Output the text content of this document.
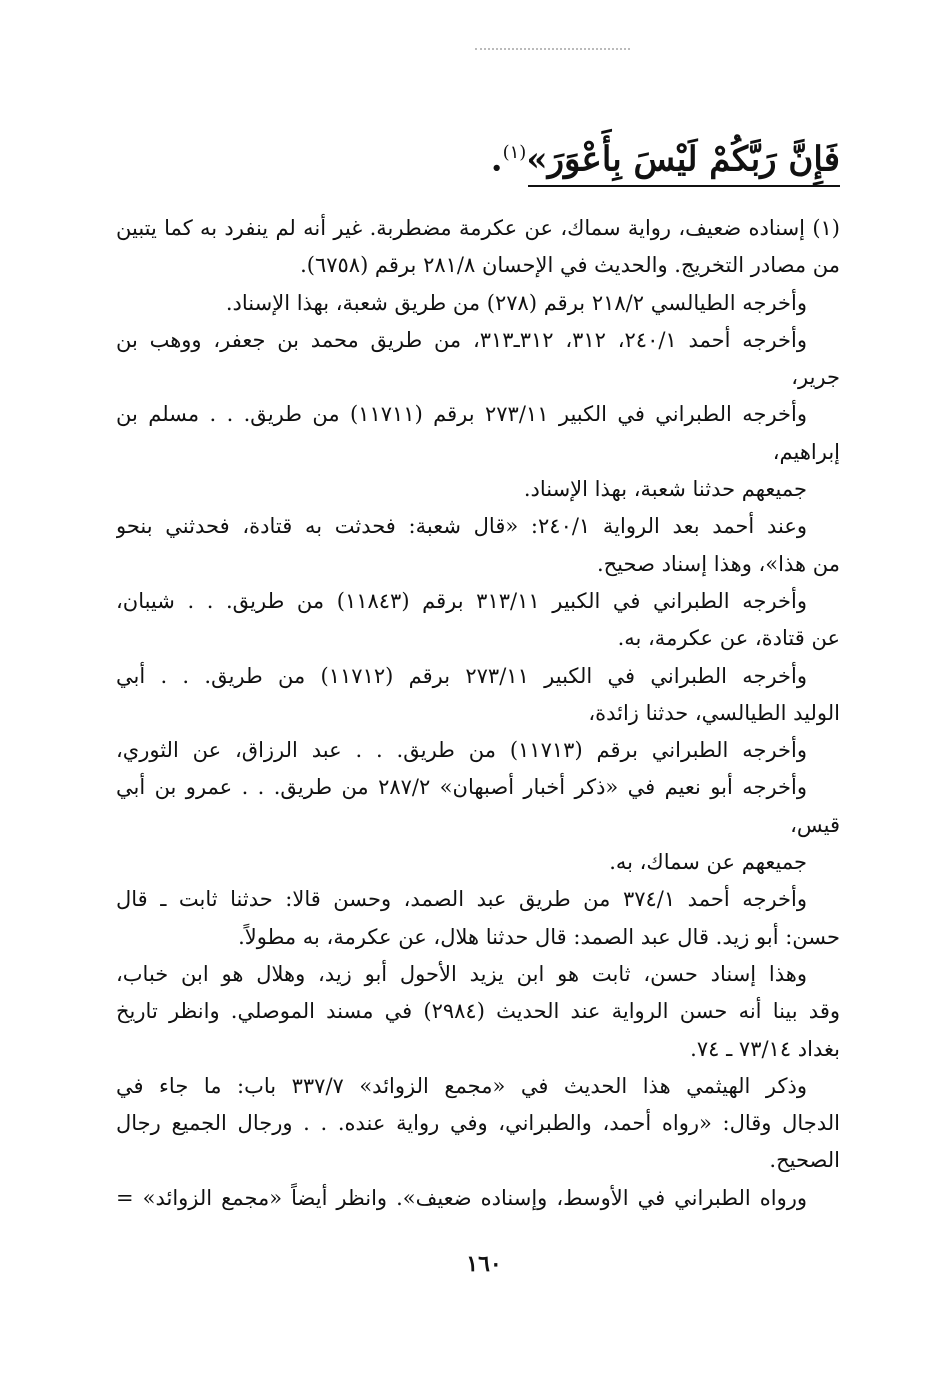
فَإِنَّ رَبَّكُمْ لَيْسَ بِأَعْوَرَ»$^{(١)}$.
(١) إسناده ضعيف، رواية سماك، عن عكرمة مضطربة. غير أنه لم ينفرد به كما يتبين
من مصادر التخريج. والحديث في الإحسان ٢٨١/٨ برقم (٦٧٥٨).
وأخرجه الطيالسي ٢١٨/٢ برقم (٢٧٨) من طريق شعبة، بهذا الإسناد.
وأخرجه أحمد ٢٤٠/١، ٣١٢، ٣١٢ـ٣١٣، من طريق محمد بن جعفر، ووهب بن
جرير،
وأخرجه الطبراني في الكبير ٢٧٣/١١ برقم (١١٧١١) من طريق. . . مسلم بن
إبراهيم،
جميعهم حدثنا شعبة، بهذا الإسناد.
وعند أحمد بعد الرواية ٢٤٠/١: «قال شعبة: فحدثت به قتادة، فحدثني بنحو
من هذا»، وهذا إسناد صحيح.
وأخرجه الطبراني في الكبير ٣١٣/١١ برقم (١١٨٤٣) من طريق. . . شيبان،
عن قتادة، عن عكرمة، به.
وأخرجه الطبراني في الكبير ٢٧٣/١١ برقم (١١٧١٢) من طريق. . . أبي
الوليد الطيالسي، حدثنا زائدة،
وأخرجه الطبراني برقم (١١٧١٣) من طريق. . . عبد الرزاق، عن الثوري،
وأخرجه أبو نعيم في «ذكر أخبار أصبهان» ٢٨٧/٢ من طريق. . . عمرو بن أبي
قيس،
جميعهم عن سماك، به.
وأخرجه أحمد ٣٧٤/١ من طريق عبد الصمد، وحسن قالا: حدثنا ثابت ـ قال
حسن: أبو زيد. قال عبد الصمد: قال حدثنا هلال، عن عكرمة، به مطولاً.
وهذا إسناد حسن، ثابت هو ابن يزيد الأحول أبو زيد، وهلال هو ابن خباب،
وقد بينا أنه حسن الرواية عند الحديث (٢٩٨٤) في مسند الموصلي. وانظر تاريخ
بغداد ٧٣/١٤ ـ ٧٤.
وذكر الهيثمي هذا الحديث في «مجمع الزوائد» ٣٣٧/٧ باب: ما جاء في
الدجال وقال: «رواه أحمد، والطبراني، وفي رواية عنده. . . ورجال الجميع رجال
الصحيح.
ورواه الطبراني في الأوسط، وإسناده ضعيف». وانظر أيضاً «مجمع الزوائد» =
١٦٠
